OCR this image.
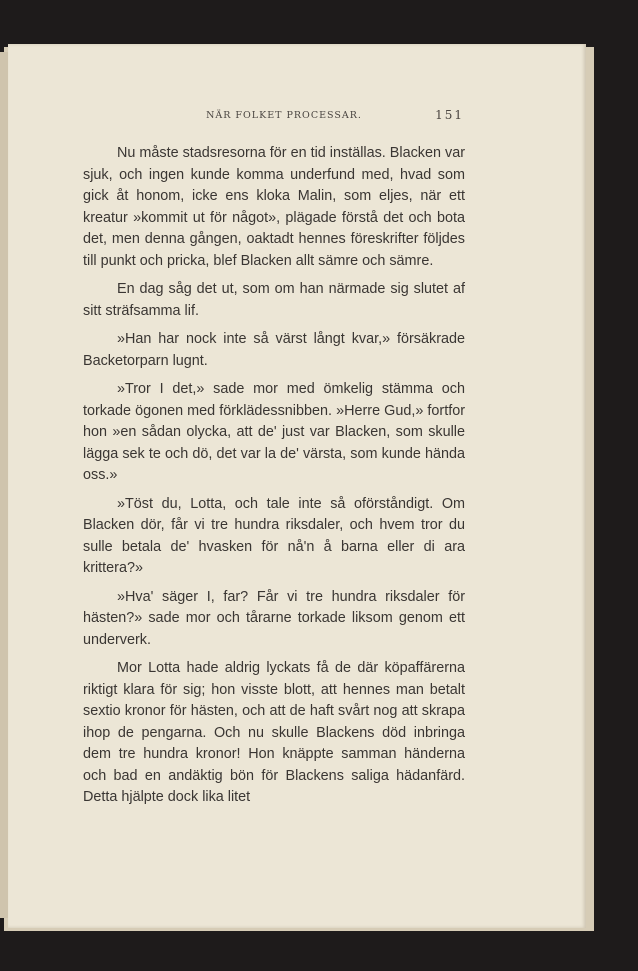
NÄR FOLKET PROCESSAR.	151

Nu måste stadsresorna för en tid inställas. Blacken var sjuk, och ingen kunde komma underfund med, hvad som gick åt honom, icke ens kloka Malin, som eljes, när ett kreatur »kommit ut för något», plägade förstå det och bota det, men denna gången, oaktadt hennes föreskrifter följdes till punkt och pricka, blef Blacken allt sämre och sämre.

En dag såg det ut, som om han närmade sig slutet af sitt sträfsamma lif.

»Han har nock inte så värst långt kvar,» försäkrade Backetorparn lugnt.

»Tror I det,» sade mor med ömkelig stämma och torkade ögonen med förklädessnibben. »Herre Gud,» fortfor hon »en sådan olycka, att de' just var Blacken, som skulle lägga sek te och dö, det var la de' värsta, som kunde hända oss.»

»Töst du, Lotta, och tale inte så oförståndigt. Om Blacken dör, får vi tre hundra riksdaler, och hvem tror du sulle betala de' hvasken för nå'n å barna eller di ara krittera?»

»Hva' säger I, far? Får vi tre hundra riksdaler för hästen?» sade mor och tårarne torkade liksom genom ett underverk.

Mor Lotta hade aldrig lyckats få de där köpaffärerna riktigt klara för sig; hon visste blott, att hennes man betalt sextio kronor för hästen, och att de haft svårt nog att skrapa ihop de pengarna. Och nu skulle Blackens död inbringa dem tre hundra kronor! Hon knäppte samman händerna och bad en andäktig bön för Blackens saliga hädanfärd. Detta hjälpte dock lika litet
